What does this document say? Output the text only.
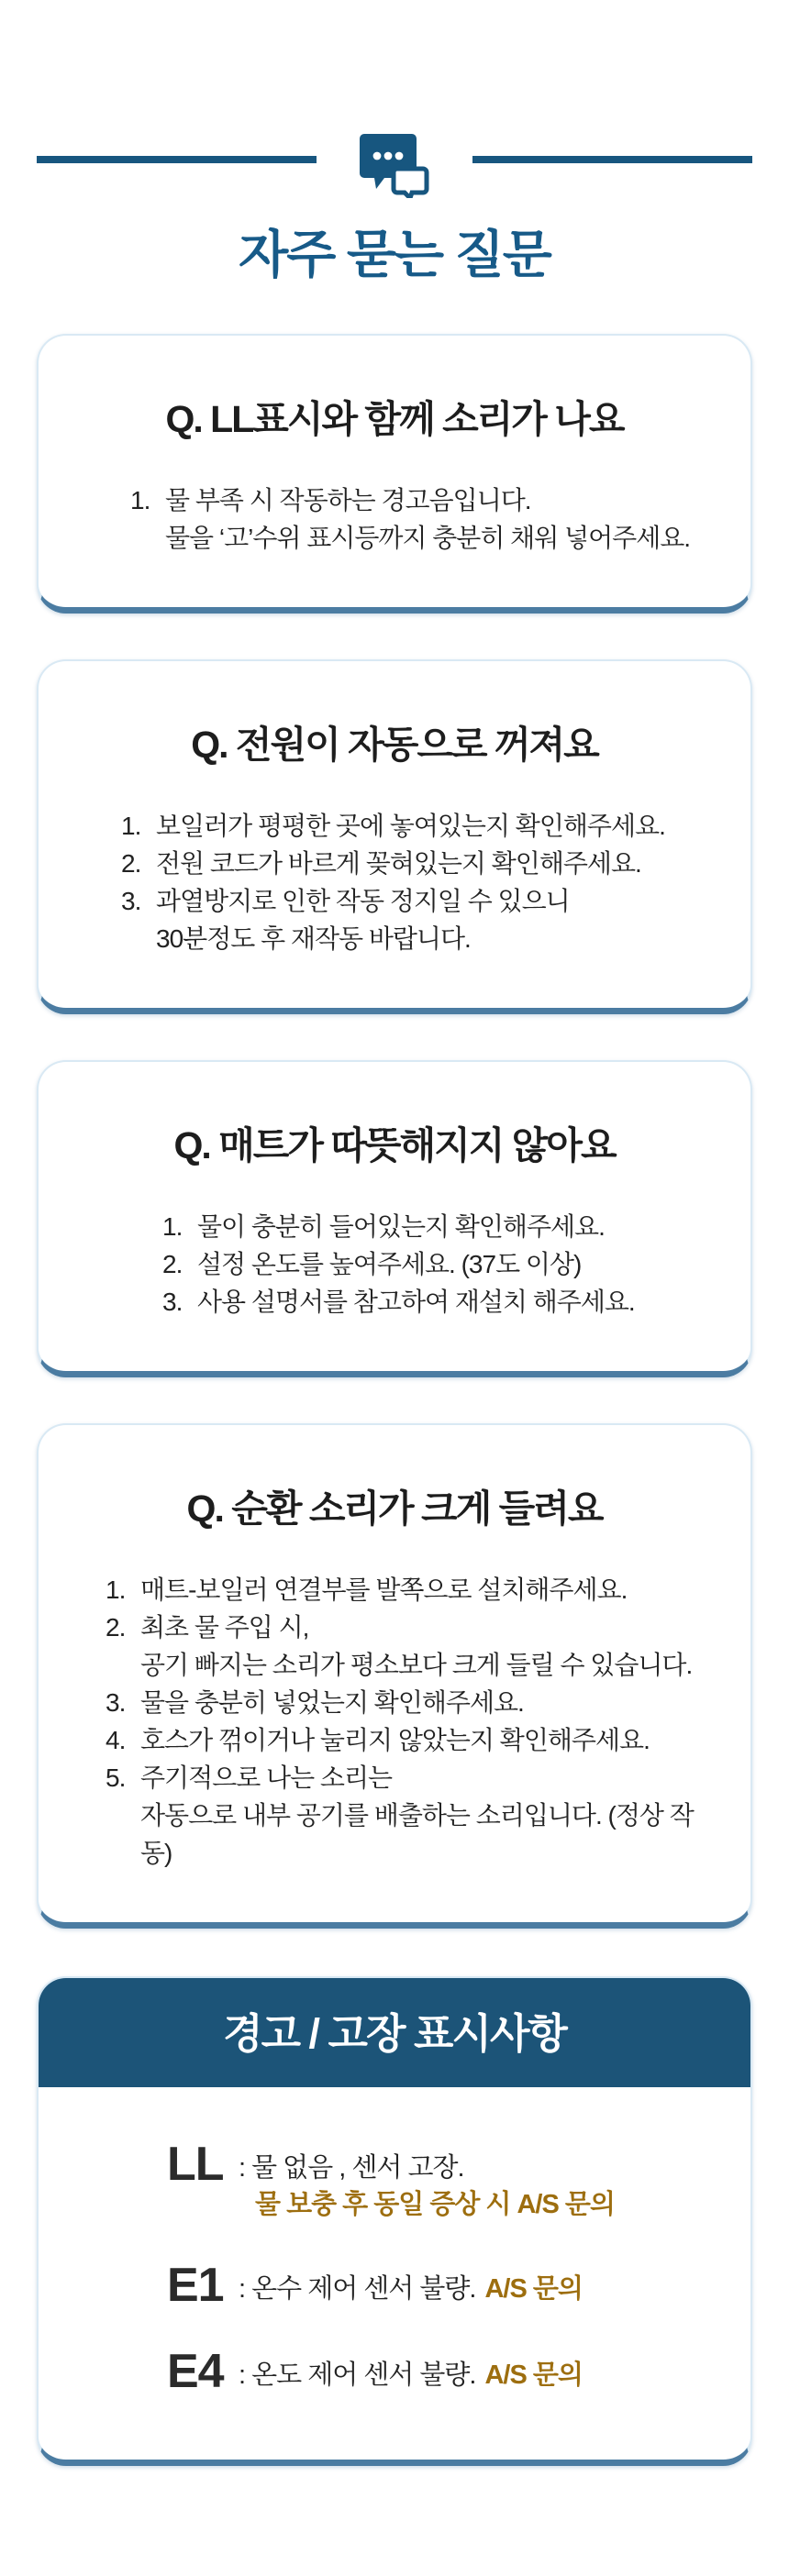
자주 묻는 질문
Q. LL표시와 함께 소리가 나요
1. 물 부족 시 작동하는 경고음입니다.
물을 ‘고’수위 표시등까지 충분히 채워 넣어주세요.
Q. 전원이 자동으로 꺼져요
1. 보일러가 평평한 곳에 놓여있는지 확인해주세요.
2. 전원 코드가 바르게 꽂혀있는지 확인해주세요.
3. 과열방지로 인한 작동 정지일 수 있으니
30분정도 후 재작동 바랍니다.
Q. 매트가 따뜻해지지 않아요
1. 물이 충분히 들어있는지 확인해주세요.
2. 설정 온도를 높여주세요. (37도 이상)
3. 사용 설명서를 참고하여 재설치 해주세요.
Q. 순환 소리가 크게 들려요
1. 매트-보일러 연결부를 발쪽으로 설치해주세요.
2. 최초 물 주입 시,
공기 빠지는 소리가 평소보다 크게 들릴 수 있습니다.
3. 물을 충분히 넣었는지 확인해주세요.
4. 호스가 꺾이거나 눌리지 않았는지 확인해주세요.
5. 주기적으로 나는 소리는
자동으로 내부 공기를 배출하는 소리입니다. (정상 작동)
경고 / 고장 표시사항
LL : 물 없음 , 센서 고장.
물 보충 후 동일 증상 시 A/S 문의
E1 : 온수 제어 센서 불량. A/S 문의
E4 : 온도 제어 센서 불량. A/S 문의
